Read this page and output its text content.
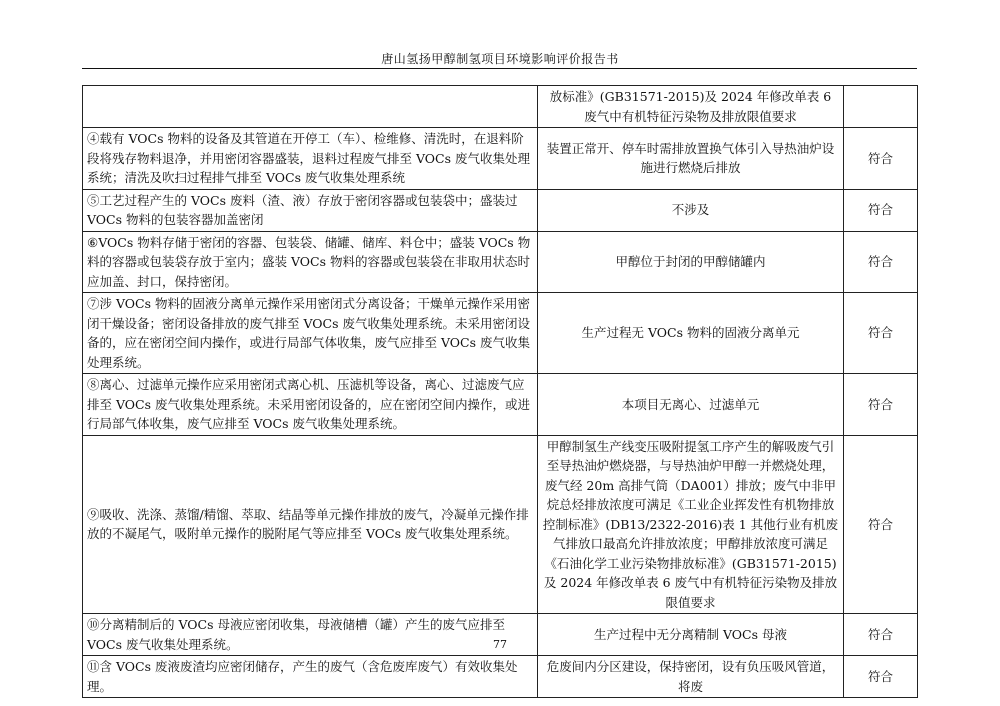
唐山氢扬甲醇制氢项目环境影响评价报告书
	放标准》(GB31571-2015)及 2024 年修改单表 6 废气中有机特征污染物及排放限值要求	
④载有 VOCs 物料的设备及其管道在开停工（车）、检维修、清洗时，在退料阶段将残存物料退净，并用密闭容器盛装，退料过程废气排至 VOCs 废气收集处理系统；清洗及吹扫过程排气排至 VOCs 废气收集处理系统	装置正常开、停车时需排放置换气体引入导热油炉设施进行燃烧后排放	符合
⑤工艺过程产生的 VOCs 废料（渣、液）存放于密闭容器或包装袋中；盛装过 VOCs 物料的包装容器加盖密闭	不涉及	符合
⑥VOCs 物料存储于密闭的容器、包装袋、储罐、储库、料仓中；盛装 VOCs 物料的容器或包装袋存放于室内；盛装 VOCs 物料的容器或包装袋在非取用状态时应加盖、封口，保持密闭。	甲醇位于封闭的甲醇储罐内	符合
⑦涉 VOCs 物料的固液分离单元操作采用密闭式分离设备；干燥单元操作采用密闭干燥设备；密闭设备排放的废气排至 VOCs 废气收集处理系统。未采用密闭设备的，应在密闭空间内操作，或进行局部气体收集，废气应排至 VOCs 废气收集处理系统。	生产过程无 VOCs 物料的固液分离单元	符合
⑧离心、过滤单元操作应采用密闭式离心机、压滤机等设备，离心、过滤废气应排至 VOCs 废气收集处理系统。未采用密闭设备的，应在密闭空间内操作，或进行局部气体收集，废气应排至 VOCs 废气收集处理系统。	本项目无离心、过滤单元	符合
⑨吸收、洗涤、蒸馏/精馏、萃取、结晶等单元操作排放的废气，冷凝单元操作排放的不凝尾气，吸附单元操作的脱附尾气等应排至 VOCs 废气收集处理系统。	甲醇制氢生产线变压吸附提氢工序产生的解吸废气引至导热油炉燃烧器，与导热油炉甲醇一并燃烧处理，废气经 20m 高排气筒（DA001）排放；废气中非甲烷总烃排放浓度可满足《工业企业挥发性有机物排放控制标准》(DB13/2322-2016)表 1 其他行业有机废气排放口最高允许排放浓度；甲醇排放浓度可满足《石油化学工业污染物排放标准》(GB31571-2015)及 2024 年修改单表 6 废气中有机特征污染物及排放限值要求	符合
⑩分离精制后的 VOCs 母液应密闭收集，母液储槽（罐）产生的废气应排至 VOCs 废气收集处理系统。	生产过程中无分离精制 VOCs 母液	符合
⑪含 VOCs 废液废渣均应密闭储存，产生的废气（含危废库废气）有效收集处理。	危废间内分区建设，保持密闭，设有负压吸风管道，将废	符合
77
